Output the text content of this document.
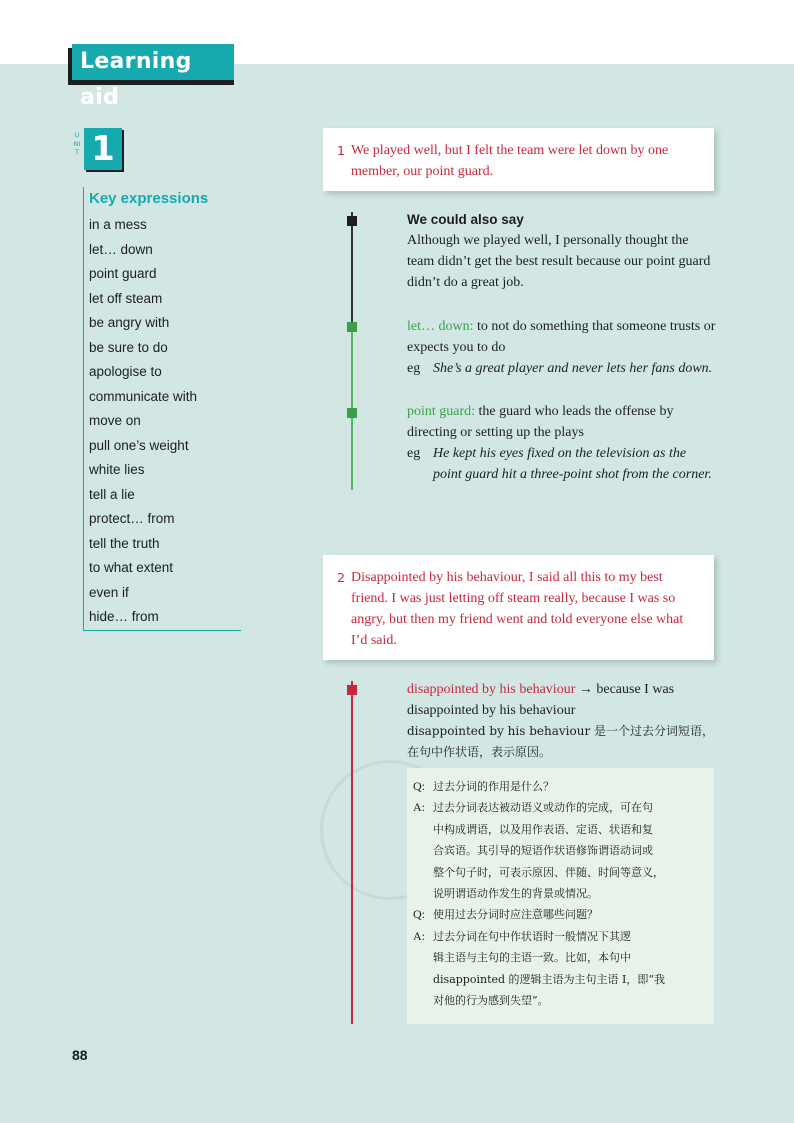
Learning aid
UNIT 1
Key expressions
in a mess
let… down
point guard
let off steam
be angry with
be sure to do
apologise to
communicate with
move on
pull one’s weight
white lies
tell a lie
protect… from
tell the truth
to what extent
even if
hide… from
1 We played well, but I felt the team were let down by one member, our point guard.
We could also say
Although we played well, I personally thought the team didn’t get the best result because our point guard didn’t do a great job.
let… down: to not do something that someone trusts or expects you to do
eg She’s a great player and never lets her fans down.
point guard: the guard who leads the offense by directing or setting up the plays
eg He kept his eyes fixed on the television as the point guard hit a three-point shot from the corner.
2 Disappointed by his behaviour, I said all this to my best friend. I was just letting off steam really, because I was so angry, but then my friend went and told everyone else what I’d said.
disappointed by his behaviour → because I was disappointed by his behaviour
disappointed by his behaviour 是一个过去分词短语，在句中作状语，表示原因。
Q: 过去分词的作用是什么？
A: 过去分词表达被动语义或动作的完成，可在句
中构成谓语，以及用作表语、定语、状语和复
合宾语。其引导的短语作状语修饰谓语动词或
整个句子时，可表示原因、伴随、时间等意义，
说明谓语动作发生的背景或情况。
Q: 使用过去分词时应注意哪些问题？
A: 过去分词在句中作状语时一般情况下其逻
辑主语与主句的主语一致。比如，本句中
disappointed 的逻辑主语为主句主语 I，即“我
对他的行为感到失望”。
88
